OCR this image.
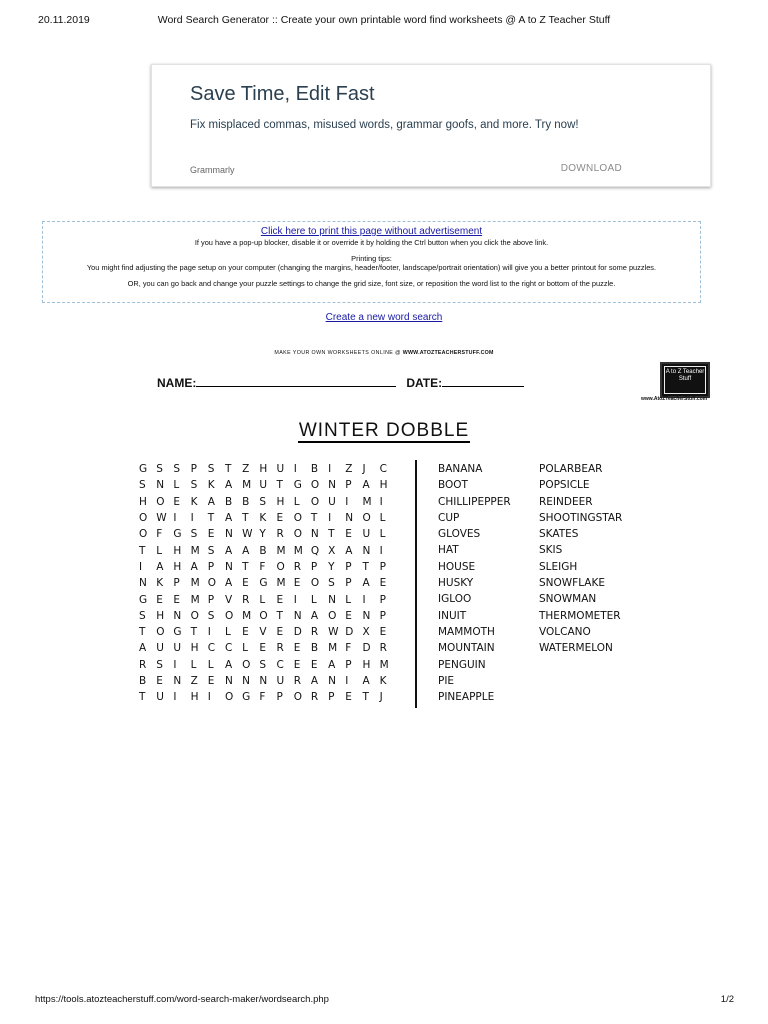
20.11.2019	Word Search Generator :: Create your own printable word find worksheets @ A to Z Teacher Stuff
Save Time, Edit Fast
Fix misplaced commas, misused words, grammar goofs, and more. Try now!
Grammarly	DOWNLOAD
Click here to print this page without advertisement
If you have a pop-up blocker, disable it or override it by holding the Ctrl button when you click the above link.
Printing tips:
You might find adjusting the page setup on your computer (changing the margins, header/footer, landscape/portrait orientation) will give you a better printout for some puzzles.
OR, you can go back and change your puzzle settings to change the grid size, font size, or reposition the word list to the right or bottom of the puzzle.
Create a new word search
MAKE YOUR OWN WORKSHEETS ONLINE @ WWW.ATOZTEACHERSTUFF.COM
NAME:	DATE:
A to Z Teacher Stuff
www.AtoZTeacherStuff.com
WINTER DOBBLE
G S	S	P	S	T	Z H U I	B I	Z J	C
S	N L	S	K A M U T	G O N P	A H
H O E	K A B B S	H L	O U I	M I
O W I	I	T	A T	K E	O T	I	N O L
O F	G S	E	N W Y	R O N T	E	U L
T	L	H M S	A A B M M Q X A N I
I	A H A P	N T	F	O R P	Y	P	T	P
N K P	M O A E	G M E	O S	P	A E
G E	E	M P	V R L	E	I	L	N L	I	P
S	H N O S	O M O T	N A O E	N P
T	O G T	I	L	E	V E	D R W D X E
A U U H C C L	E	R E	B M F	D R
R S	I	L	L	A O S	C E	E	A P	H M
B E	N Z E	N N N U R A N I	A K
T	U I	H I	O G F	P	O R P	E	T	J
BANANA
BOOT
CHILLIPEPPER
CUP
GLOVES
HAT
HOUSE
HUSKY
IGLOO
INUIT
MAMMOTH
MOUNTAIN
PENGUIN
PIE
PINEAPPLE
POLARBEAR
POPSICLE
REINDEER
SHOOTINGSTAR
SKATES
SKIS
SLEIGH
SNOWFLAKE
SNOWMAN
THERMOMETER
VOLCANO
WATERMELON
https://tools.atozteacherstuff.com/word-search-maker/wordsearch.php	1/2
